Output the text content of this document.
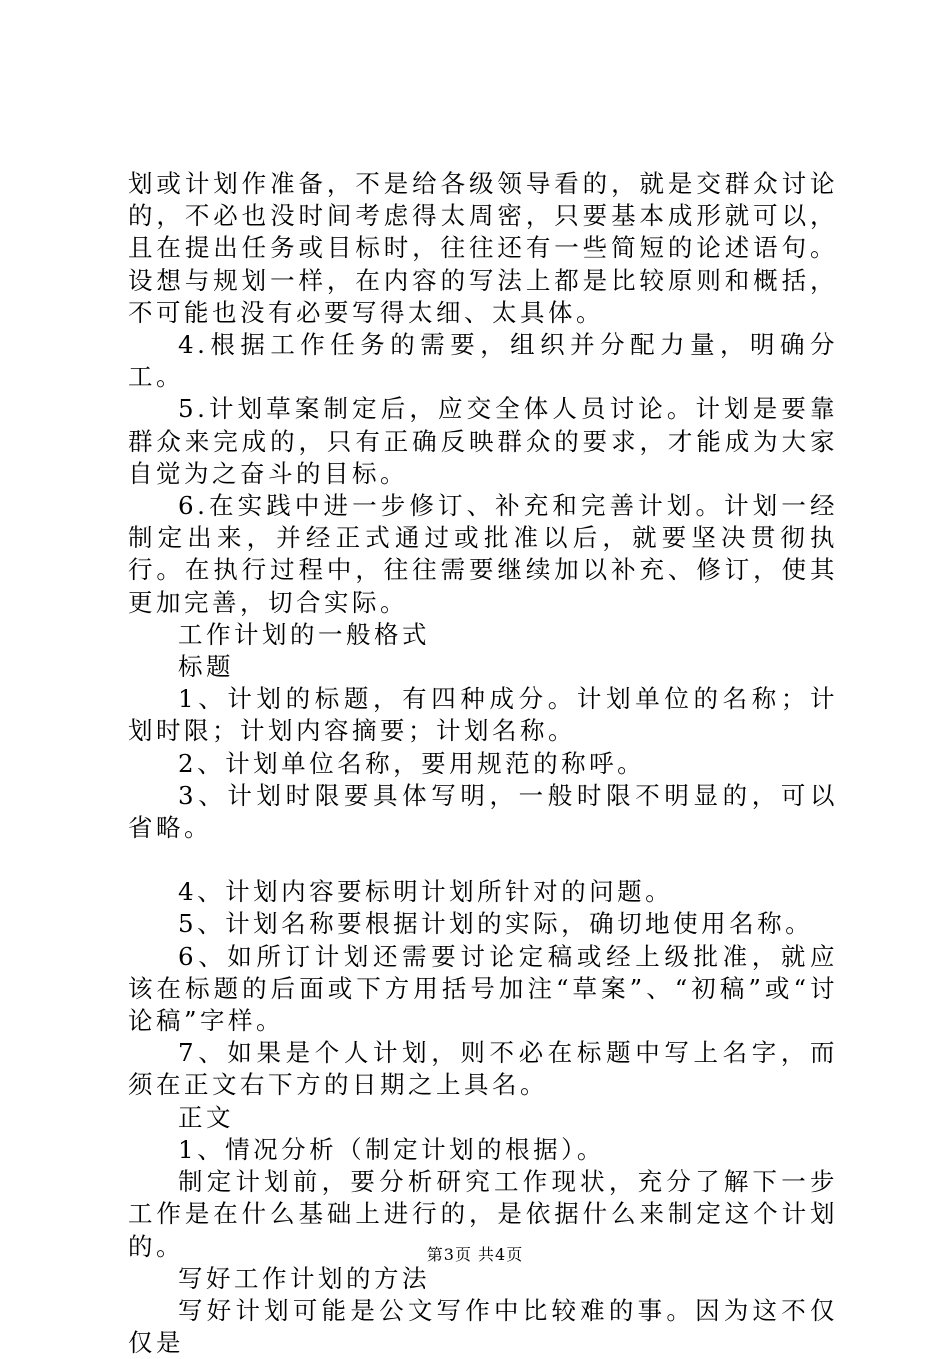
划或计划作准备，不是给各级领导看的，就是交群众讨论的，不必也没时间考虑得太周密，只要基本成形就可以，且在提出任务或目标时，往往还有一些简短的论述语句。设想与规划一样，在内容的写法上都是比较原则和概括，不可能也没有必要写得太细、太具体。

4.根据工作任务的需要，组织并分配力量，明确分工。

5.计划草案制定后，应交全体人员讨论。计划是要靠群众来完成的，只有正确反映群众的要求，才能成为大家自觉为之奋斗的目标。

6.在实践中进一步修订、补充和完善计划。计划一经制定出来，并经正式通过或批准以后，就要坚决贯彻执行。在执行过程中，往往需要继续加以补充、修订，使其更加完善，切合实际。

工作计划的一般格式

标题

1、计划的标题，有四种成分。计划单位的名称；计划时限；计划内容摘要；计划名称。

2、计划单位名称，要用规范的称呼。

3、计划时限要具体写明，一般时限不明显的，可以省略。

4、计划内容要标明计划所针对的问题。

5、计划名称要根据计划的实际，确切地使用名称。

6、如所订计划还需要讨论定稿或经上级批准，就应该在标题的后面或下方用括号加注“草案”、“初稿”或“讨论稿”字样。

7、如果是个人计划，则不必在标题中写上名字，而须在正文右下方的日期之上具名。

正文

1、情况分析（制定计划的根据）。

制定计划前，要分析研究工作现状，充分了解下一步工作是在什么基础上进行的，是依据什么来制定这个计划的。

写好工作计划的方法

写好计划可能是公文写作中比较难的事。因为这不仅仅是

第3页 共4页
